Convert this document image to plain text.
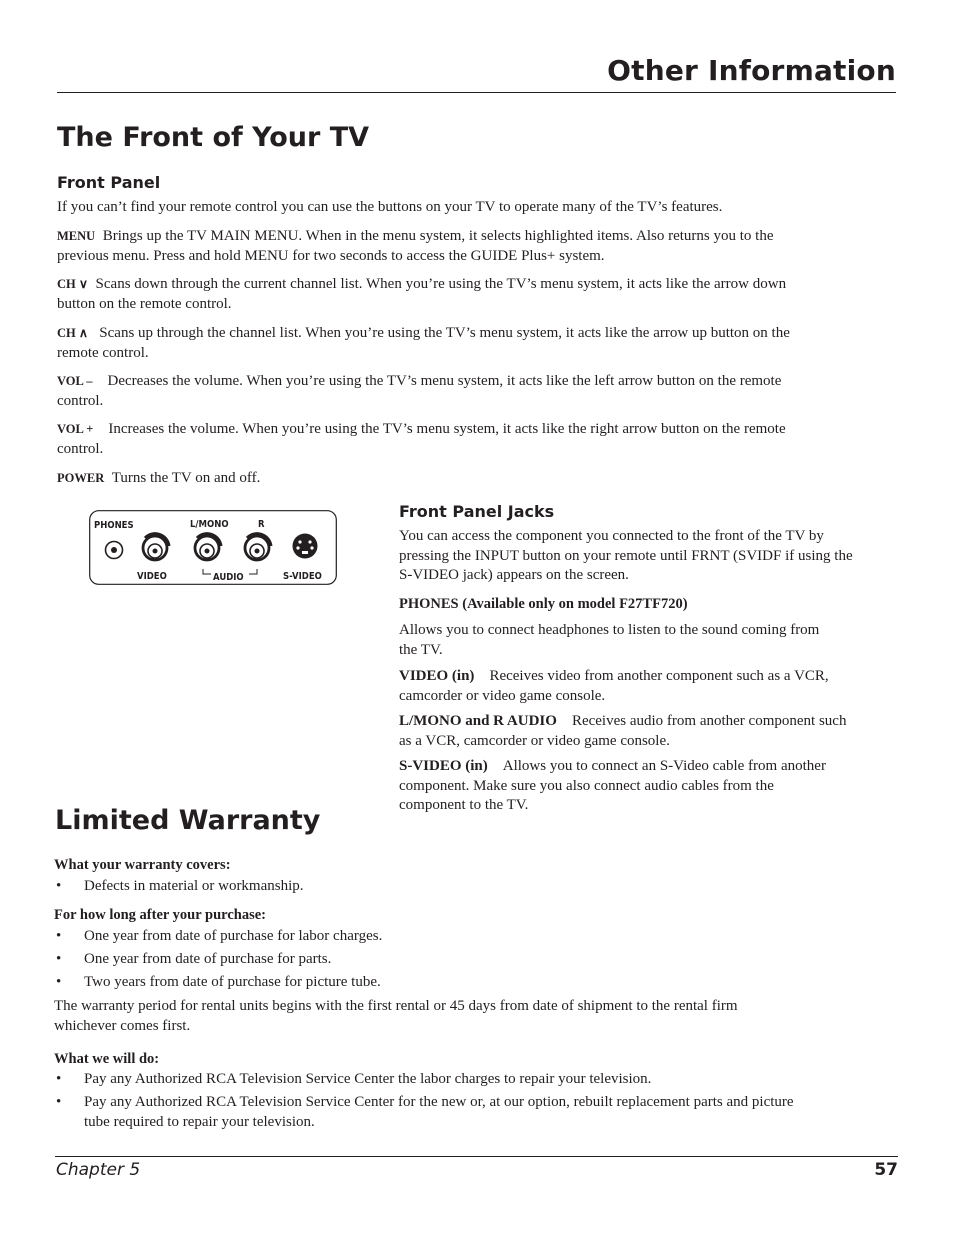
Other Information
The Front of Your TV
Front Panel

If you can’t find your remote control you can use the buttons on your TV to operate many of the TV’s features.

MENU Brings up the TV MAIN MENU. When in the menu system, it selects highlighted items. Also returns you to the
previous menu. Press and hold MENU for two seconds to access the GUIDE Plus+ system.

CH ∨ Scans down through the current channel list. When you’re using the TV’s menu system, it acts like the arrow down
button on the remote control.

CH ∧ Scans up through the channel list. When you’re using the TV’s menu system, it acts like the arrow up button on the
remote control.

VOL – Decreases the volume. When you’re using the TV’s menu system, it acts like the left arrow button on the remote
control.

VOL + Increases the volume. When you’re using the TV’s menu system, it acts like the right arrow button on the remote
control.

POWER Turns the TV on and off.

PHONES	L/MONO	R
VIDEO	AUDIO	S-VIDEO
Front Panel Jacks
You can access the component you connected to the front of the TV by
pressing the INPUT button on your remote until FRNT (SVIDF if using the
S-VIDEO jack) appears on the screen.
PHONES (Available only on model F27TF720)
Allows you to connect headphones to listen to the sound coming from
the TV.
VIDEO (in) Receives video from another component such as a VCR,
camcorder or video game console.
L/MONO and R AUDIO Receives audio from another component such
as a VCR, camcorder or video game console.
S-VIDEO (in) Allows you to connect an S-Video cable from another
component. Make sure you also connect audio cables from the
component to the TV.
Limited Warranty
What your warranty covers:
• Defects in material or workmanship.
For how long after your purchase:
• One year from date of purchase for labor charges.
• One year from date of purchase for parts.
• Two years from date of purchase for picture tube.
The warranty period for rental units begins with the first rental or 45 days from date of shipment to the rental firm
whichever comes first.
What we will do:
• Pay any Authorized RCA Television Service Center the labor charges to repair your television.
• Pay any Authorized RCA Television Service Center for the new or, at our option, rebuilt replacement parts and picture
tube required to repair your television.
Chapter 5	57
